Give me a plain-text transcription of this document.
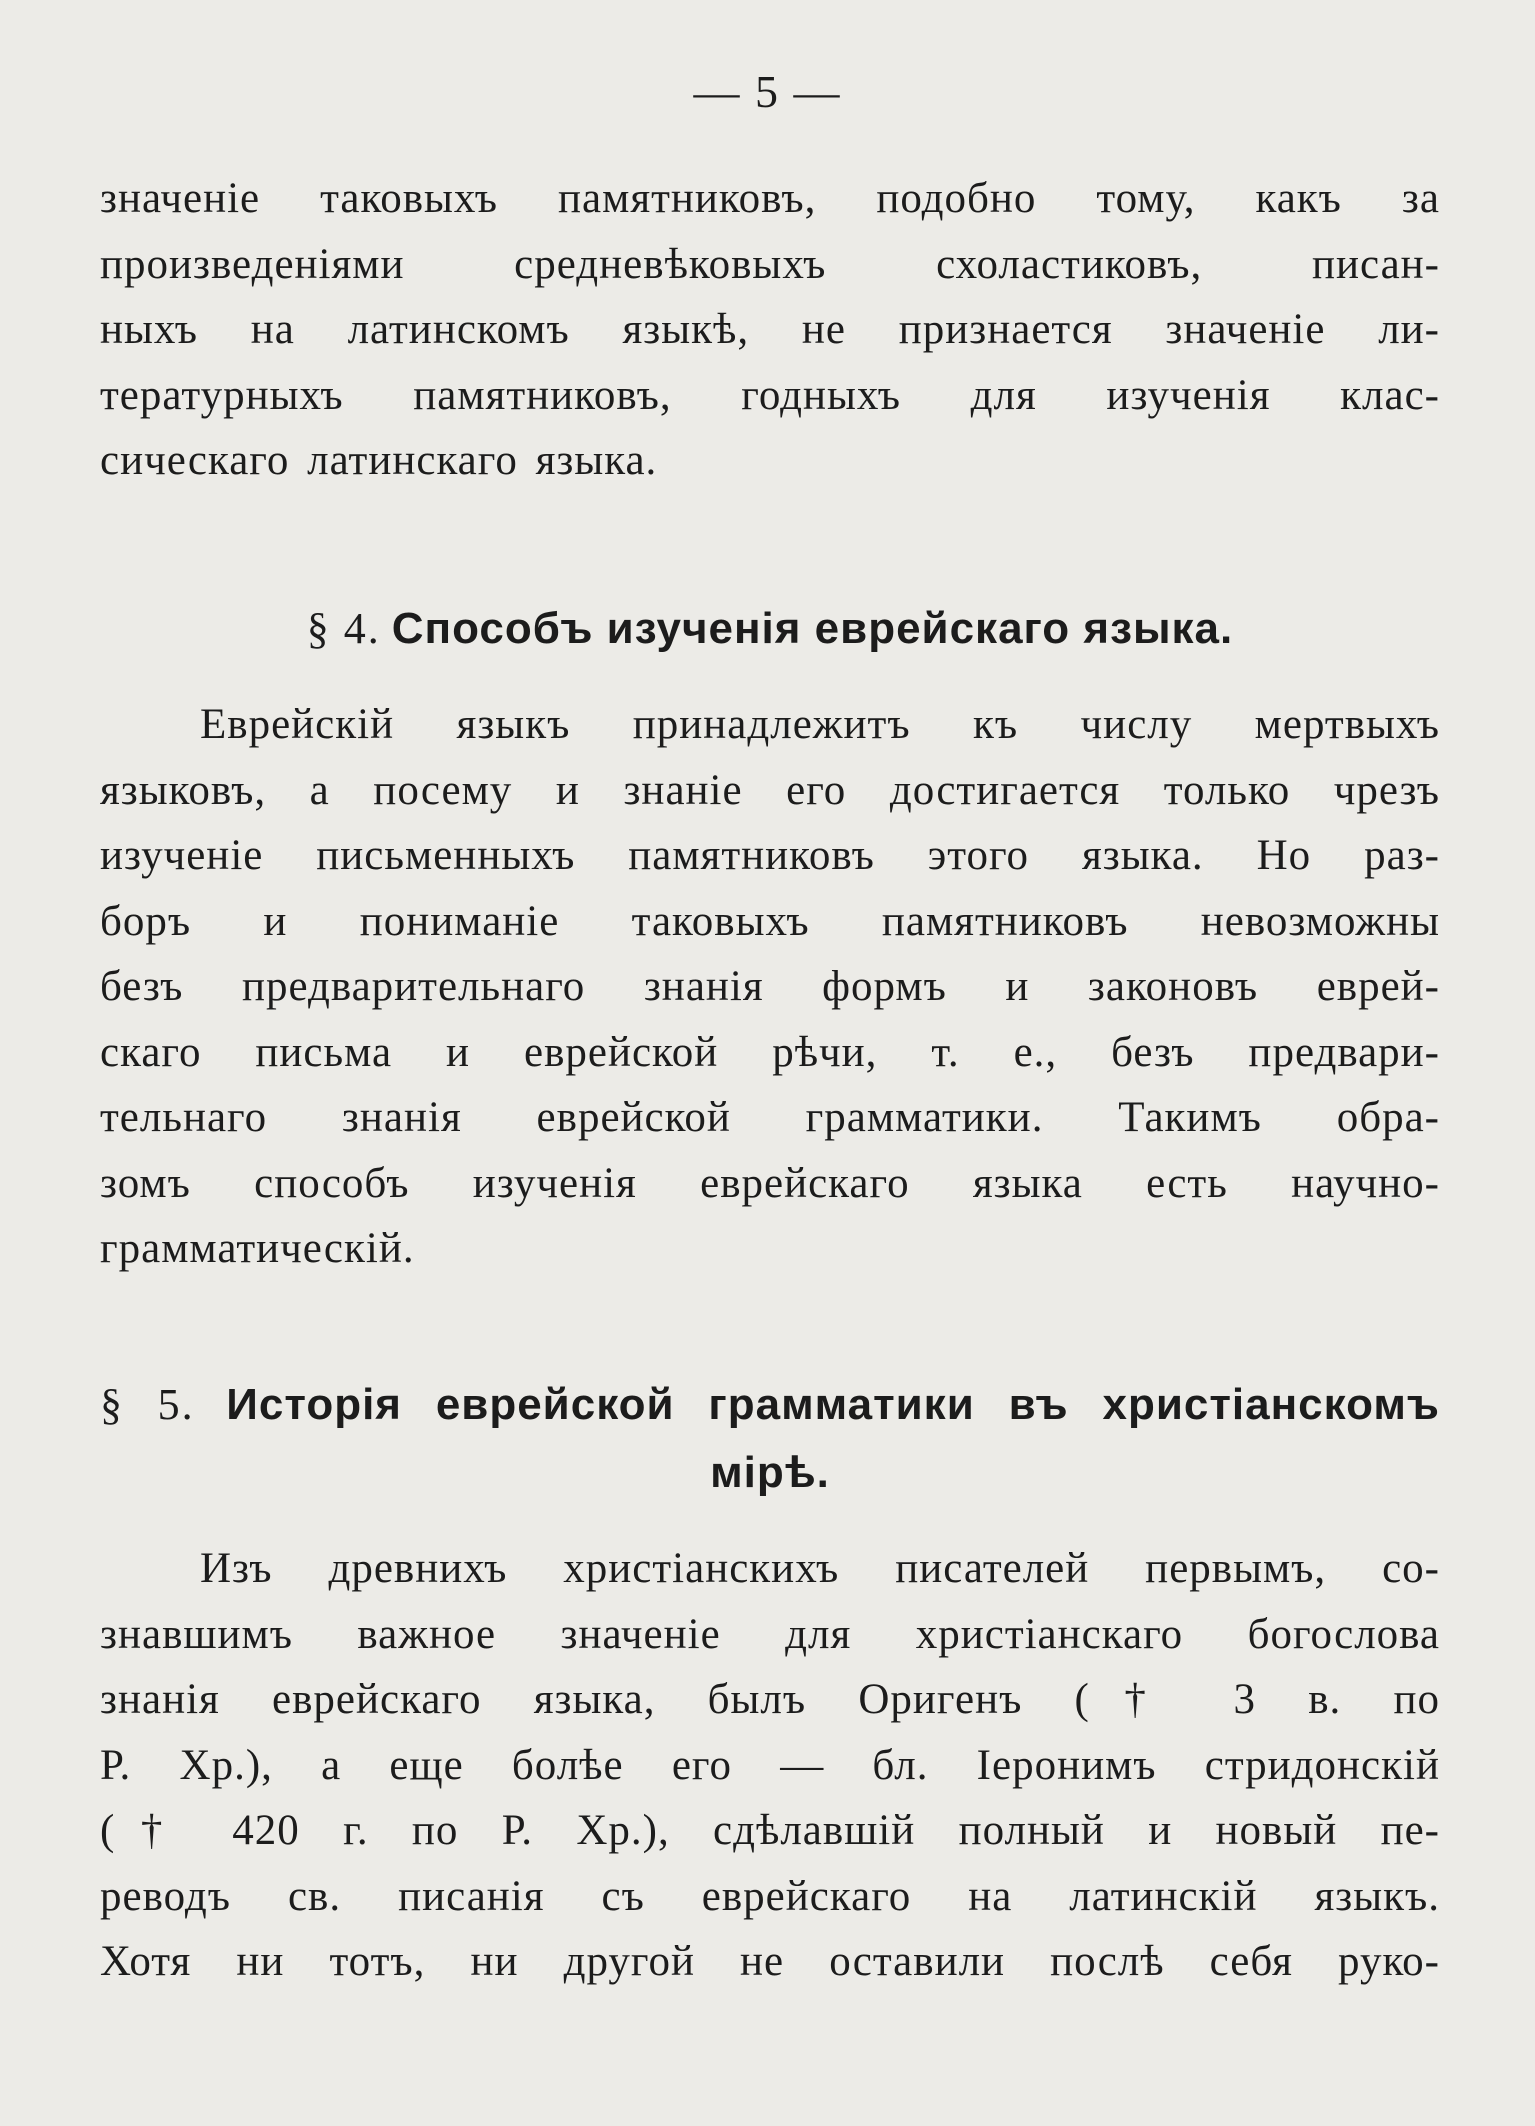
— 5 —
значенiе таковыхъ памятниковъ, подобно тому, какъ за
произведенiями средневѣковыхъ схоластиковъ, писан-
ныхъ на латинскомъ языкѣ, не признается значенiе ли-
тературныхъ памятниковъ, годныхъ для изученiя клас-
сическаго латинскаго языка.
§ 4. Способъ изученiя еврейскаго языка.
Еврейскiй языкъ принадлежитъ къ числу мертвыхъ
языковъ, а посему и знанiе его достигается только чрезъ
изученiе письменныхъ памятниковъ этого языка. Но раз-
боръ и пониманiе таковыхъ памятниковъ невозможны
безъ предварительнаго знанiя формъ и законовъ еврей-
скаго письма и еврейской рѣчи, т. е., безъ предвари-
тельнаго знанiя еврейской грамматики. Такимъ обра-
зомъ способъ изученiя еврейскаго языка есть научно-
грамматическiй.
§ 5. Исторiя еврейской грамматики въ христiанскомъ
мiрѣ.
Изъ древнихъ христiанскихъ писателей первымъ, со-
знавшимъ важное значенiе для христiанскаго богослова
знанiя еврейскаго языка, былъ Оригенъ († 3 в. по
Р. Хр.), а еще болѣе его — бл. Iеронимъ стридонскiй
(† 420 г. по Р. Хр.), сдѣлавшiй полный и новый пе-
реводъ св. писанiя съ еврейскаго на латинскiй языкъ.
Хотя ни тотъ, ни другой не оставили послѣ себя руко-
